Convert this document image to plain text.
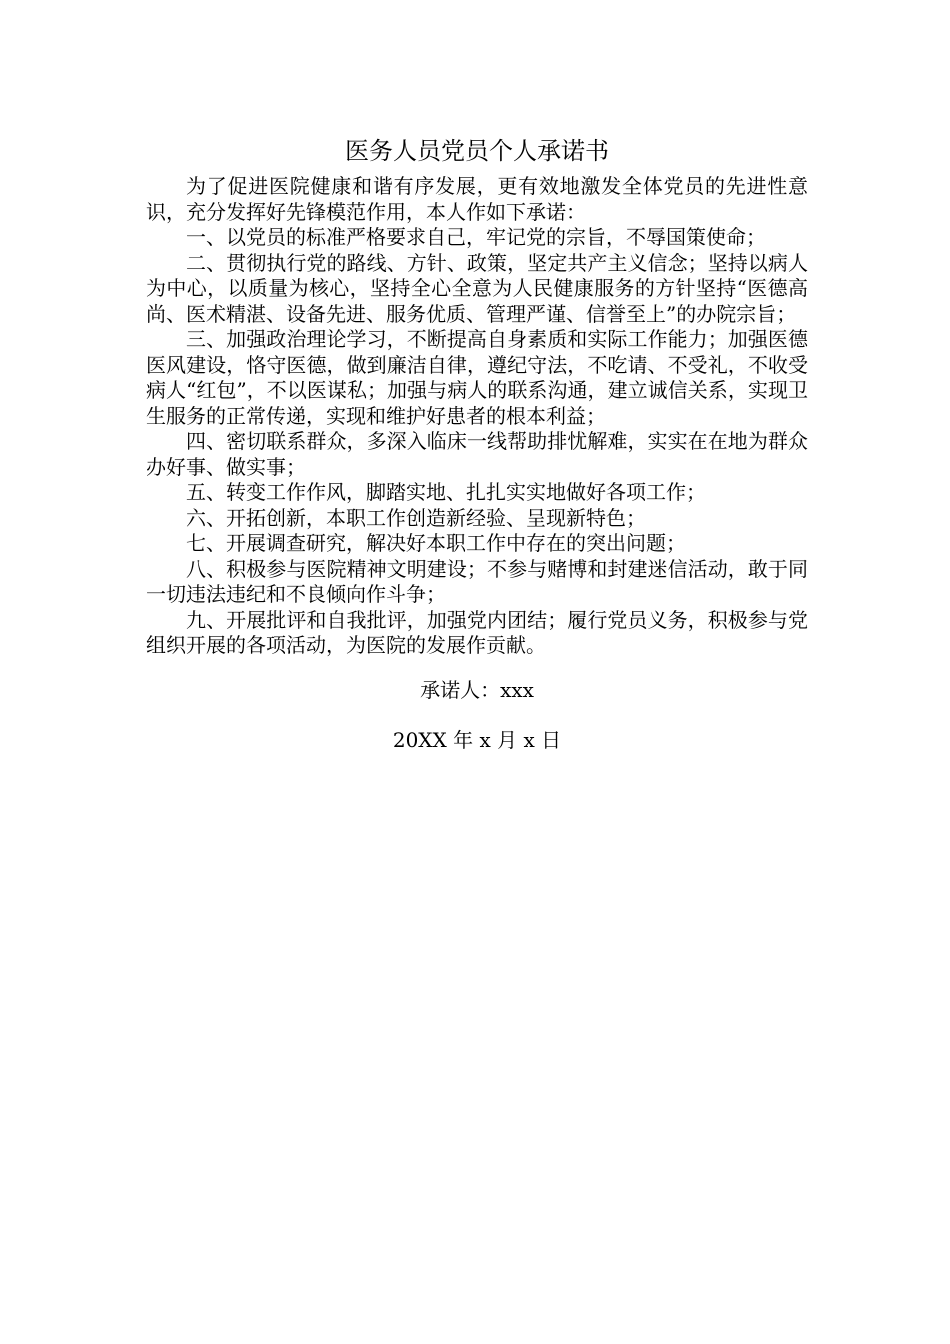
医务人员党员个人承诺书

为了促进医院健康和谐有序发展，更有效地激发全体党员的先进性意识，充分发挥好先锋模范作用，本人作如下承诺：

一、以党员的标准严格要求自己，牢记党的宗旨，不辱国策使命；

二、贯彻执行党的路线、方针、政策，坚定共产主义信念；坚持以病人为中心，以质量为核心，坚持全心全意为人民健康服务的方针坚持“医德高尚、医术精湛、设备先进、服务优质、管理严谨、信誉至上”的办院宗旨；

三、加强政治理论学习，不断提高自身素质和实际工作能力；加强医德医风建设，恪守医德，做到廉洁自律，遵纪守法，不吃请、不受礼，不收受病人“红包”，不以医谋私；加强与病人的联系沟通，建立诚信关系，实现卫生服务的正常传递，实现和维护好患者的根本利益；

四、密切联系群众，多深入临床一线帮助排忧解难，实实在在地为群众办好事、做实事；

五、转变工作作风，脚踏实地、扎扎实实地做好各项工作；

六、开拓创新，本职工作创造新经验、呈现新特色；

七、开展调查研究，解决好本职工作中存在的突出问题；

八、积极参与医院精神文明建设；不参与赌博和封建迷信活动，敢于同一切违法违纪和不良倾向作斗争；

九、开展批评和自我批评，加强党内团结；履行党员义务，积极参与党组织开展的各项活动，为医院的发展作贡献。

承诺人：xxx

20XX 年 x 月 x 日
